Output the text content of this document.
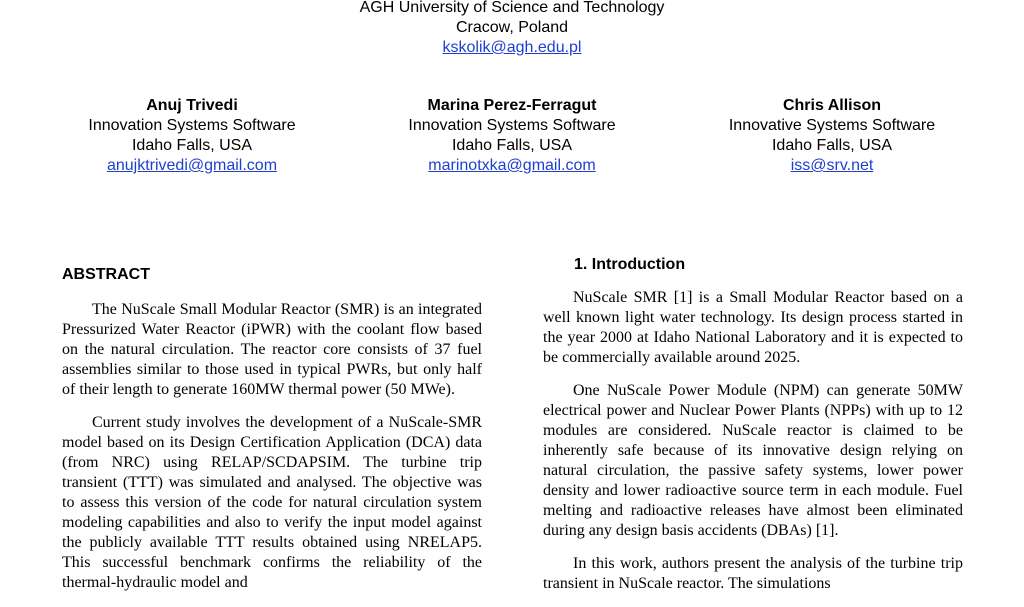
AGH University of Science and Technology
Cracow, Poland
kskolik@agh.edu.pl
Anuj Trivedi
Innovation Systems Software
Idaho Falls, USA
anujktrivedi@gmail.com
Marina Perez-Ferragut
Innovation Systems Software
Idaho Falls, USA
marinotxka@gmail.com
Chris Allison
Innovative Systems Software
Idaho Falls, USA
iss@srv.net
ABSTRACT
1. Introduction

The NuScale Small Modular Reactor (SMR) is an integrated Pressurized Water Reactor (iPWR) with the coolant flow based on the natural circulation. The reactor core consists of 37 fuel assemblies similar to those used in typical PWRs, but only half of their length to generate 160MW thermal power (50 MWe).

Current study involves the development of a NuScale-SMR model based on its Design Certification Application (DCA) data (from NRC) using RELAP/SCDAPSIM. The turbine trip transient (TTT) was simulated and analysed. The objective was to assess this version of the code for natural circulation system modeling capabilities and also to verify the input model against the publicly available TTT results obtained using NRELAP5. This successful benchmark confirms the reliability of the thermal-hydraulic model and

NuScale SMR [1] is a Small Modular Reactor based on a well known light water technology. Its design process started in the year 2000 at Idaho National Laboratory and it is expected to be commercially available around 2025.

One NuScale Power Module (NPM) can generate 50MW electrical power and Nuclear Power Plants (NPPs) with up to 12 modules are considered. NuScale reactor is claimed to be inherently safe because of its innovative design relying on natural circulation, the passive safety systems, lower power density and lower radioactive source term in each module. Fuel melting and radioactive releases have almost been eliminated during any design basis accidents (DBAs) [1].

In this work, authors present the analysis of the turbine trip transient in NuScale reactor. The simulations
